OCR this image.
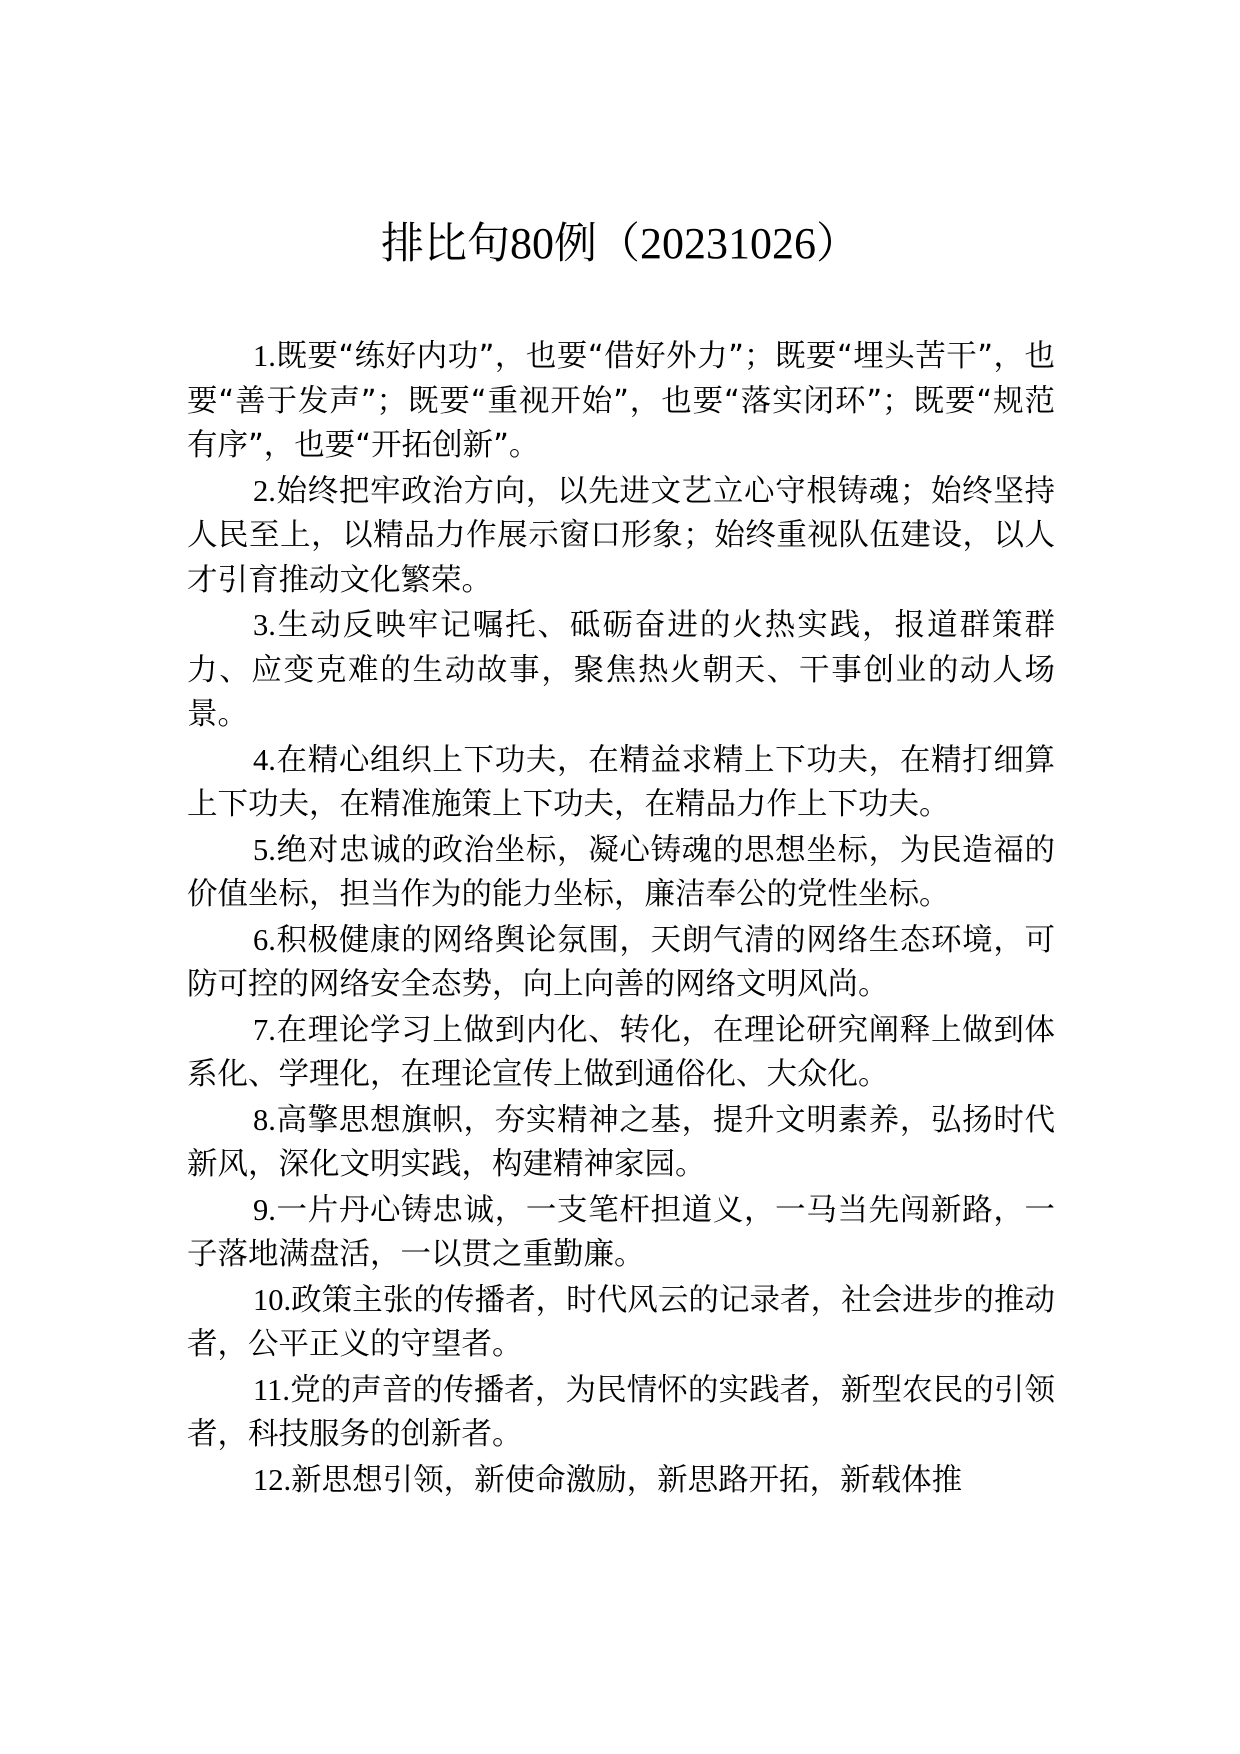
排比句80例（20231026）

1.既要“练好内功”，也要“借好外力”；既要“埋头苦干”，也要“善于发声”；既要“重视开始”，也要“落实闭环”；既要“规范有序”，也要“开拓创新”。

2.始终把牢政治方向，以先进文艺立心守根铸魂；始终坚持人民至上，以精品力作展示窗口形象；始终重视队伍建设，以人才引育推动文化繁荣。

3.生动反映牢记嘱托、砥砺奋进的火热实践，报道群策群力、应变克难的生动故事，聚焦热火朝天、干事创业的动人场景。

4.在精心组织上下功夫，在精益求精上下功夫，在精打细算上下功夫，在精准施策上下功夫，在精品力作上下功夫。

5.绝对忠诚的政治坐标，凝心铸魂的思想坐标，为民造福的价值坐标，担当作为的能力坐标，廉洁奉公的党性坐标。

6.积极健康的网络舆论氛围，天朗气清的网络生态环境，可防可控的网络安全态势，向上向善的网络文明风尚。

7.在理论学习上做到内化、转化，在理论研究阐释上做到体系化、学理化，在理论宣传上做到通俗化、大众化。

8.高擎思想旗帜，夯实精神之基，提升文明素养，弘扬时代新风，深化文明实践，构建精神家园。

9.一片丹心铸忠诚，一支笔杆担道义，一马当先闯新路，一子落地满盘活，一以贯之重勤廉。

10.政策主张的传播者，时代风云的记录者，社会进步的推动者，公平正义的守望者。

11.党的声音的传播者，为民情怀的实践者，新型农民的引领者，科技服务的创新者。

12.新思想引领，新使命激励，新思路开拓，新载体推
